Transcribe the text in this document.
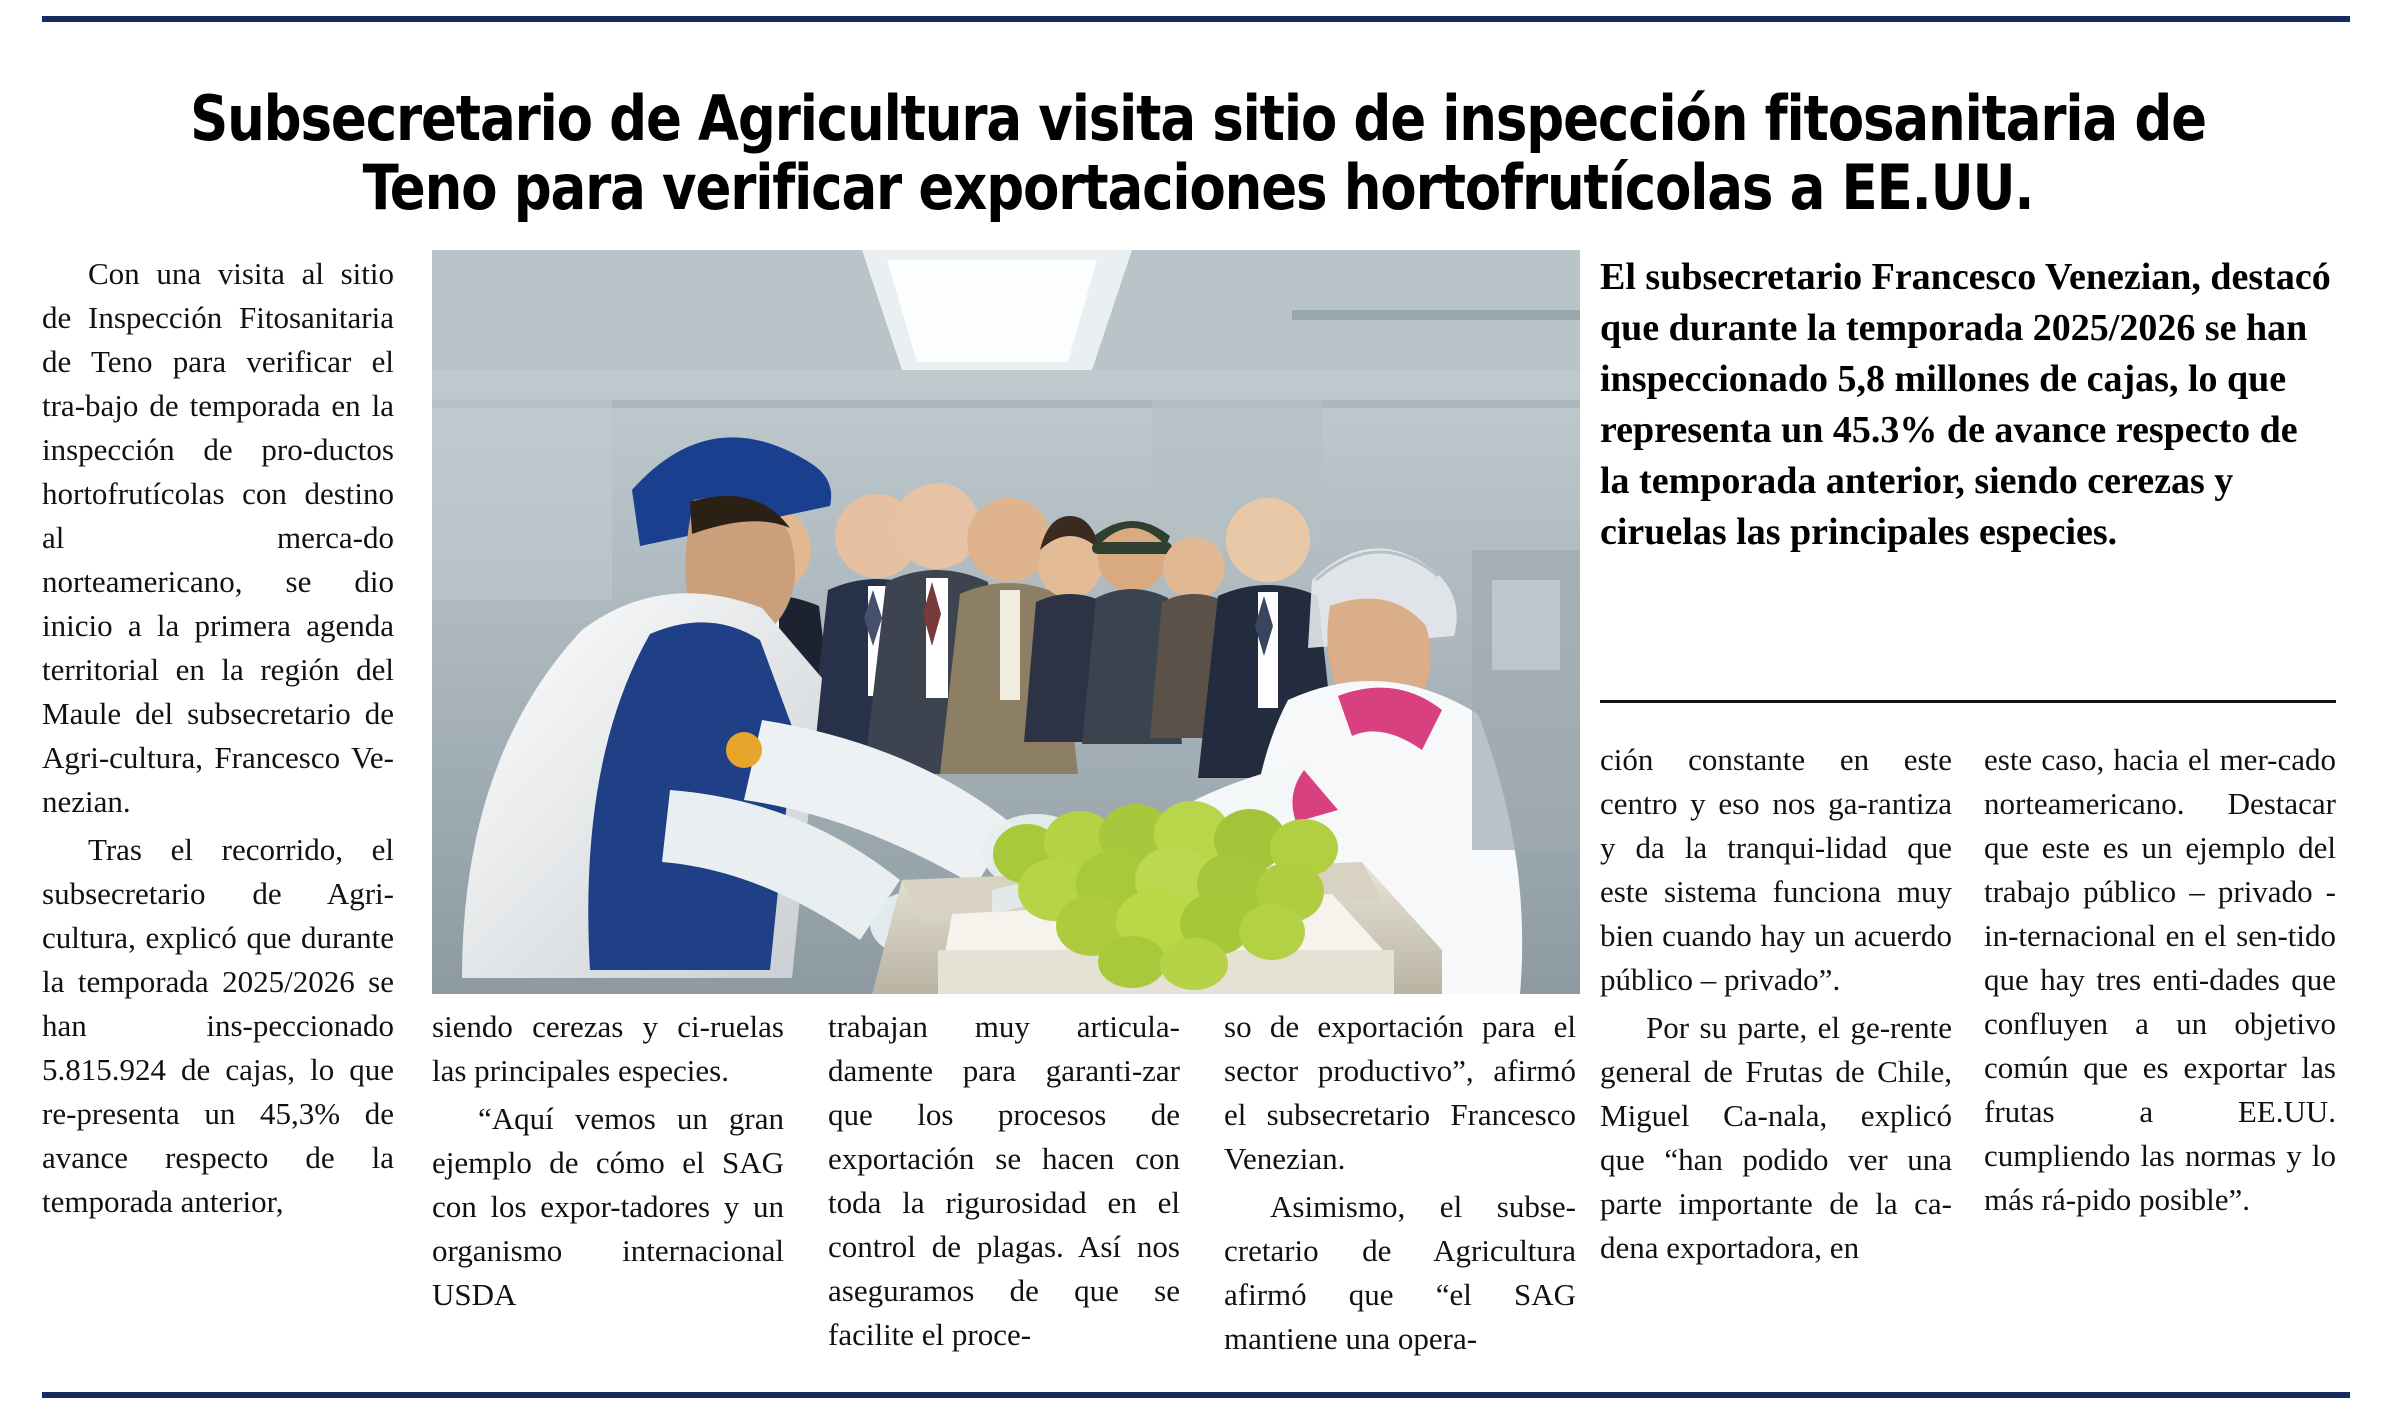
Subsecretario de Agricultura visita sitio de inspección fitosanitaria de Teno para verificar exportaciones hortofrutícolas a EE.UU.

Con una visita al sitio de Inspección Fitosanitaria de Teno para verificar el tra-bajo de temporada en la inspección de pro-ductos hortofrutícolas con destino al merca-do norteamericano, se dio inicio a la primera agenda territorial en la región del Maule del subsecretario de Agri-cultura, Francesco Ve-nezian.

Tras el recorrido, el subsecretario de Agri-cultura, explicó que durante la temporada 2025/2026 se han ins-peccionado 5.815.924 de cajas, lo que re-presenta un 45,3% de avance respecto de la temporada anterior,

siendo cerezas y ci-ruelas las principales especies.

“Aquí vemos un gran ejemplo de cómo el SAG con los expor-tadores y un organismo internacional USDA

trabajan muy articula-damente para garanti-zar que los procesos de exportación se hacen con toda la rigurosidad en el control de plagas. Así nos aseguramos de que se facilite el proce-

so de exportación para el sector productivo”, afirmó el subsecretario Francesco Venezian.

Asimismo, el subse-cretario de Agricultura afirmó que “el SAG mantiene una opera-

El subsecretario Francesco Venezian, destacó que durante la temporada 2025/2026 se han inspeccionado 5,8 millones de cajas, lo que representa un 45.3% de avance respecto de la temporada anterior, siendo cerezas y ciruelas las principales especies.

ción constante en este centro y eso nos ga-rantiza y da la tranqui-lidad que este sistema funciona muy bien cuando hay un acuerdo público – privado”.

Por su parte, el ge-rente general de Frutas de Chile, Miguel Ca-nala, explicó que “han podido ver una parte importante de la ca-dena exportadora, en

este caso, hacia el mer-cado norteamericano. Destacar que este es un ejemplo del trabajo público – privado - in-ternacional en el sen-tido que hay tres enti-dades que confluyen a un objetivo común que es exportar las frutas a EE.UU. cumpliendo las normas y lo más rá-pido posible”.
